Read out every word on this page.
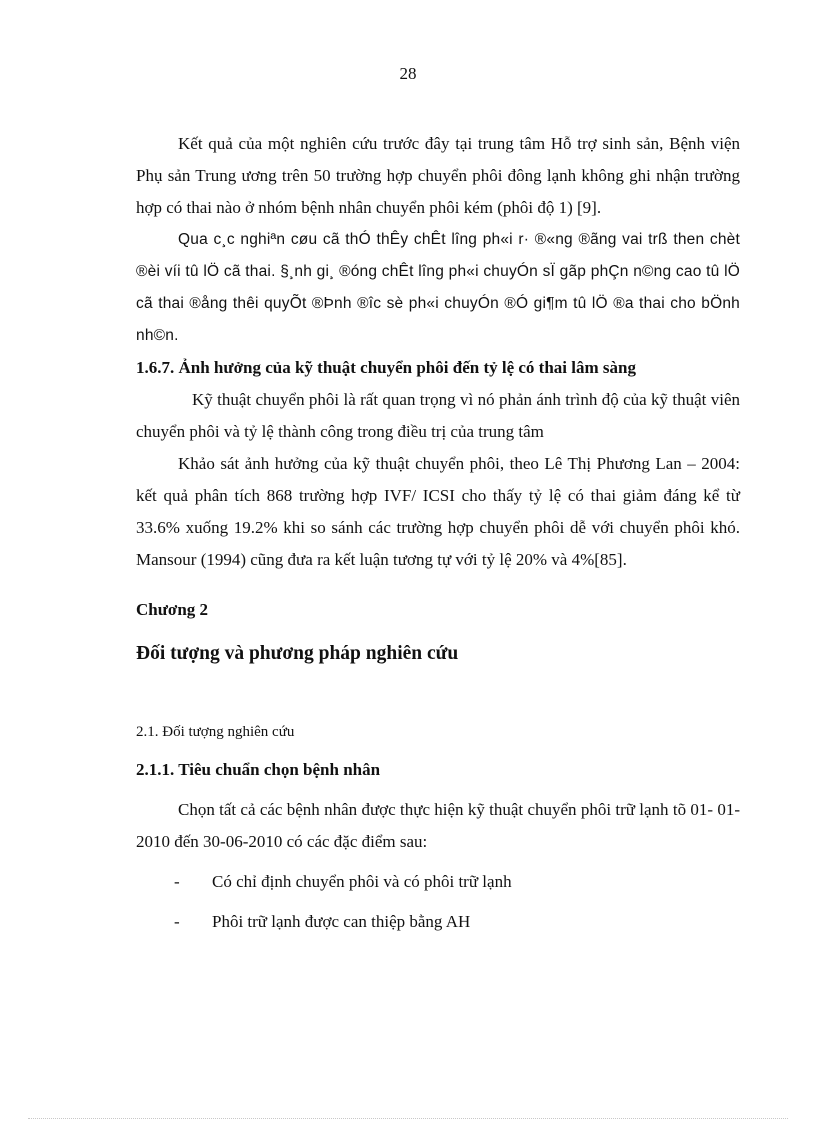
28

Kết quả của một nghiên cứu trước đây tại trung tâm Hỗ trợ sinh sản, Bệnh viện Phụ sản Trung ương trên 50 trường hợp chuyển phôi đông lạnh không ghi nhận trường hợp có thai nào ở nhóm bệnh nhân chuyển phôi kém (phôi độ 1) [9].

Qua c¸c nghiªn cøu cã thÓ thÊy chÊt lîng ph«i r· ®«ng ®ãng vai trß then chèt ®èi víi tû lÖ cã thai. §¸nh gi¸ ®óng chÊt lîng ph«i chuyÓn sÏ gãp phÇn n©ng cao tû lÖ cã thai ®ång thêi quyÕt ®Þnh ®îc sè ph«i chuyÓn ®Ó gi¶m tû lÖ ®a thai cho bÖnh nh©n.

1.6.7. Ảnh hưởng của kỹ thuật chuyển phôi đến tỷ lệ có thai lâm sàng

Kỹ thuật chuyển phôi là rất quan trọng vì nó phản ánh trình độ của kỹ thuật viên chuyển phôi và tỷ lệ thành công trong điều trị của trung tâm

Khảo sát ảnh hưởng của kỹ thuật chuyển phôi, theo Lê Thị Phương Lan – 2004: kết quả phân tích 868 trường hợp IVF/ ICSI cho thấy tỷ lệ có thai giảm đáng kể từ 33.6% xuống 19.2% khi so sánh các trường hợp chuyển phôi dễ với chuyển phôi khó. Mansour (1994) cũng đưa ra kết luận tương tự với tỷ lệ 20% và 4%[85].

Chương 2

Đối tượng và phương pháp nghiên cứu

2.1. Đối tượng nghiên cứu

2.1.1. Tiêu chuẩn chọn bệnh nhân

Chọn tất cả các bệnh nhân được thực hiện kỹ thuật chuyển phôi trữ lạnh tõ 01- 01- 2010 đến 30-06-2010 có các đặc điểm sau:

-	Có chỉ định chuyển phôi và có phôi trữ lạnh

-	Phôi trữ lạnh được can thiệp bằng AH
